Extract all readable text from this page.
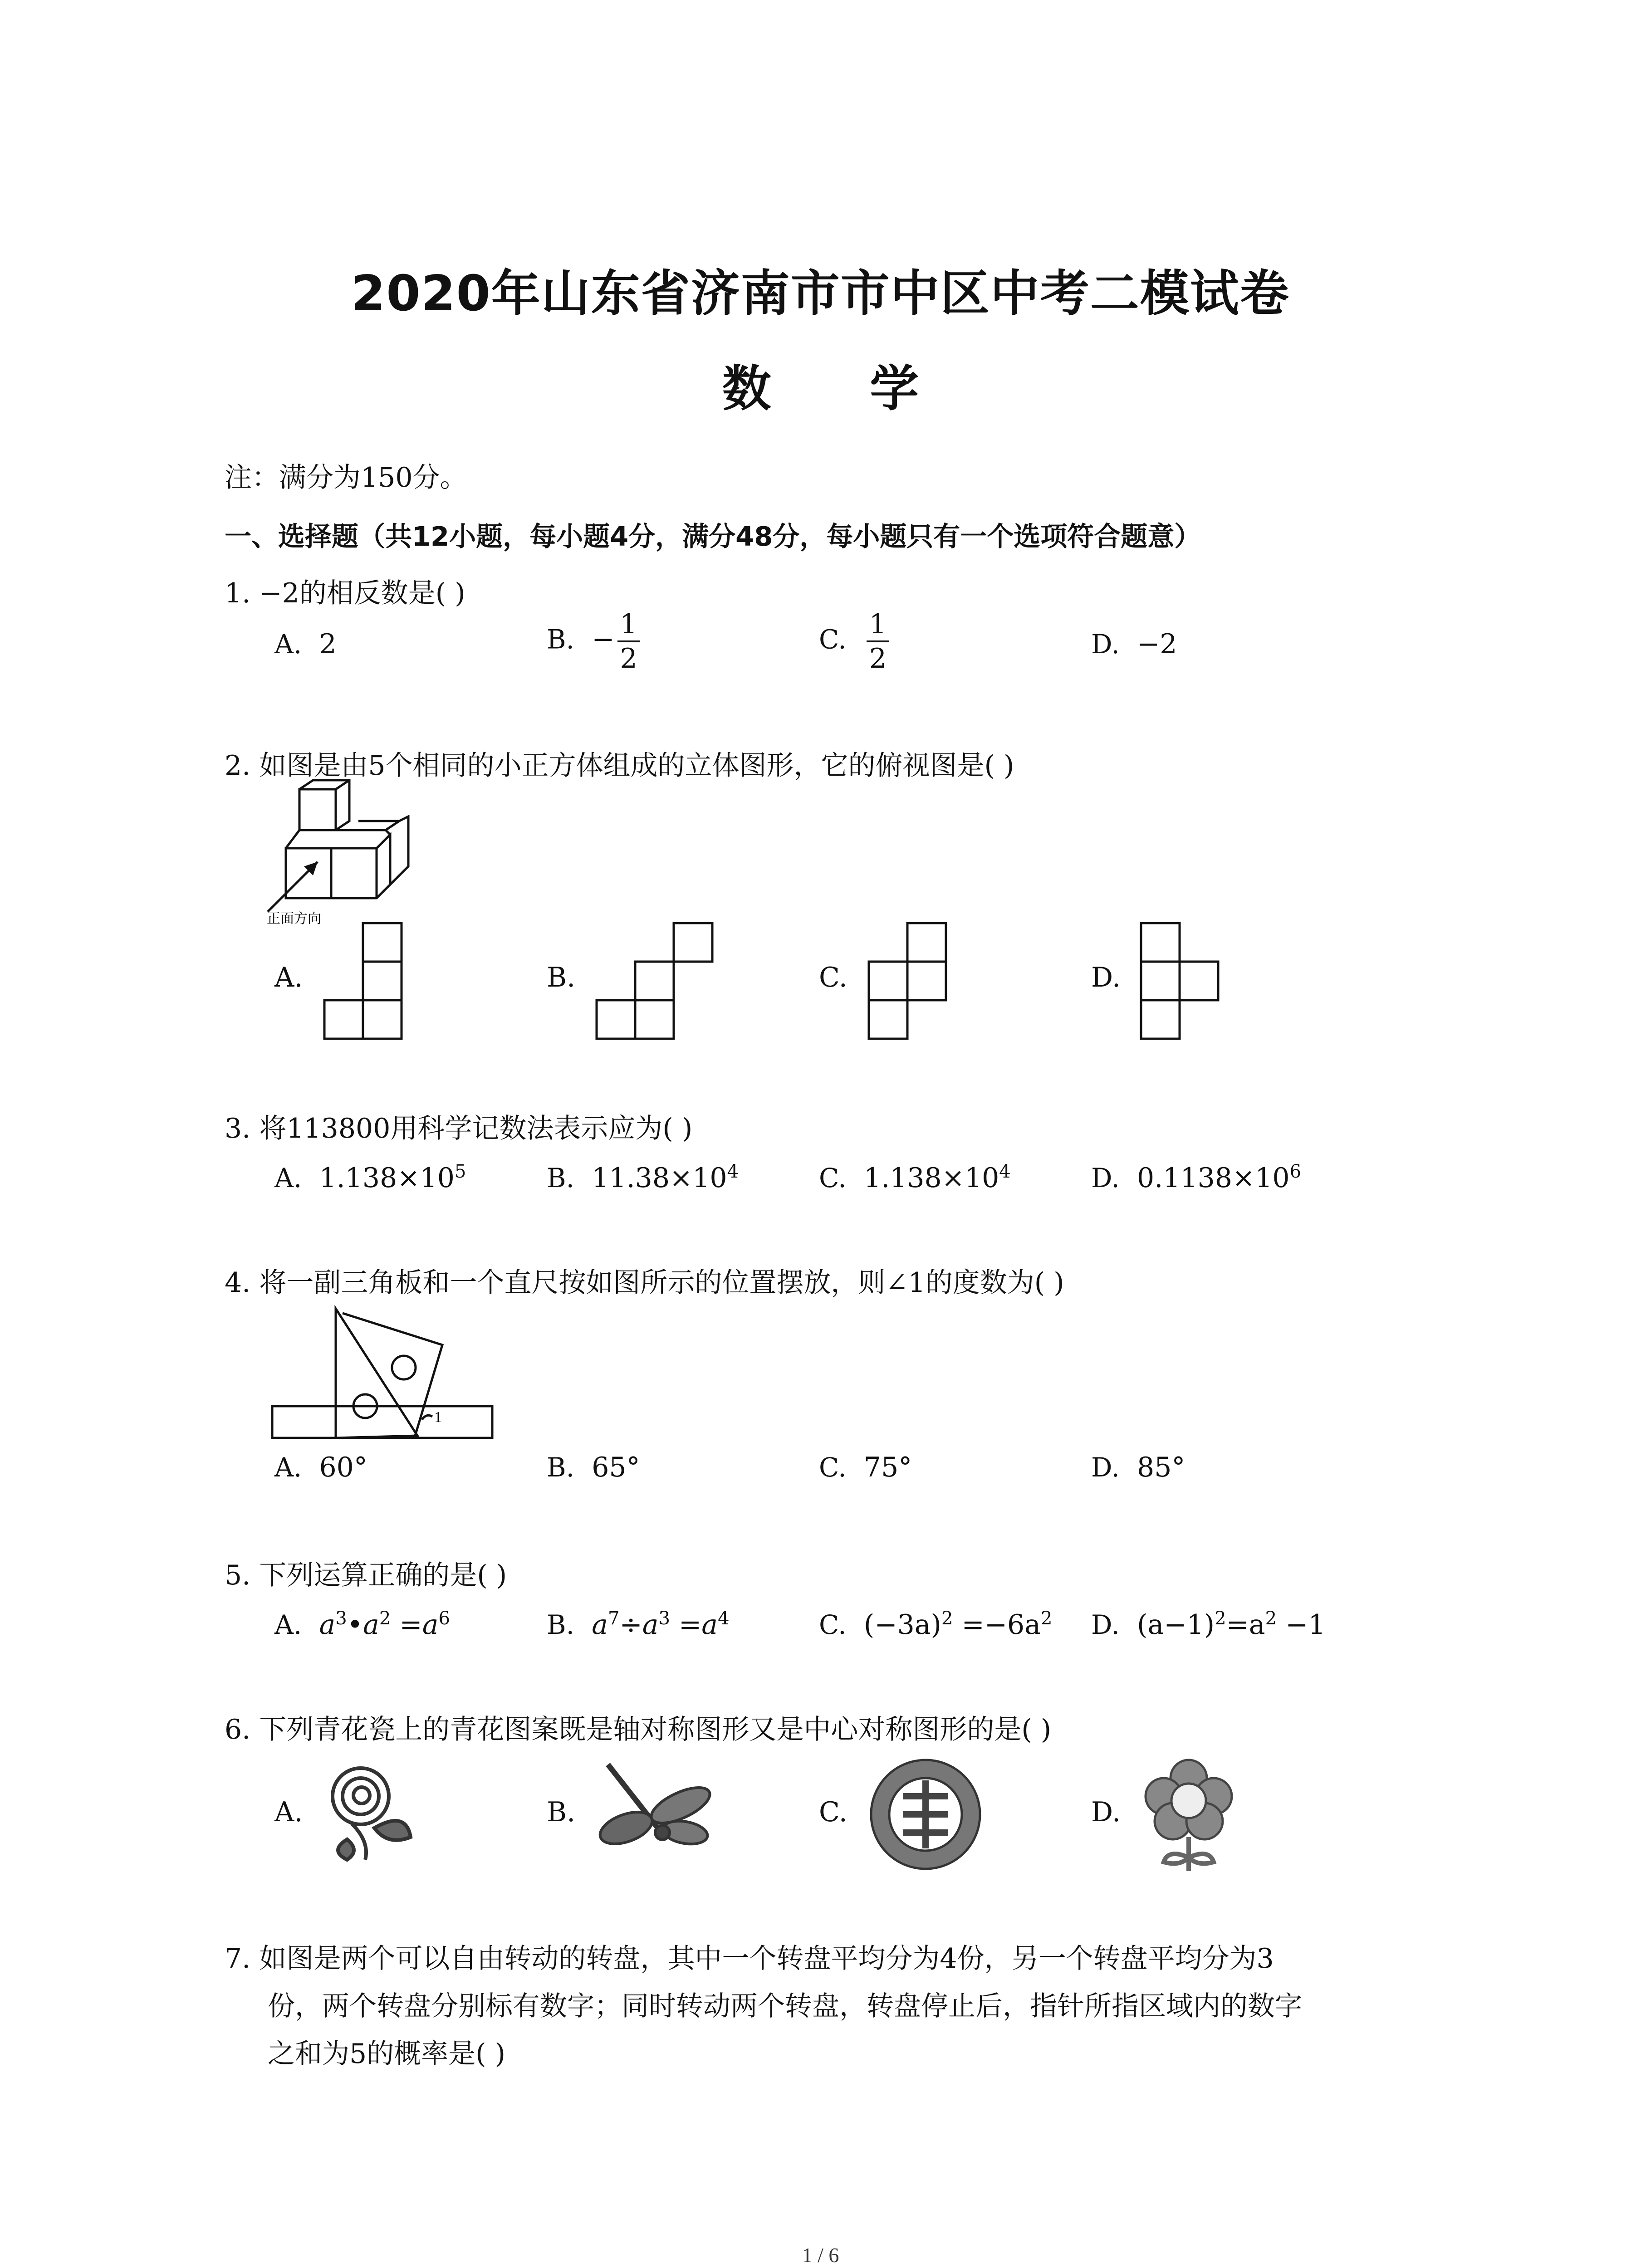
2020年山东省济南市市中区中考二模试卷
数 学
注：满分为150分。
一、选择题（共12小题，每小题4分，满分48分，每小题只有一个选项符合题意）
1. −2的相反数是( )
A. 2	B. − $\frac{1}{2}$	C. $\frac{1}{2}$	D. −2
2. 如图是由5个相同的小正方体组成的立体图形，它的俯视图是( )
正面方向
A.	B.	C.	D.
3. 将113800用科学记数法表示应为( )
A. $1.138\times 10^5$	B. $11.38\times 10^4$	C. $1.138\times 10^4$	D. $0.1138\times 10^6$
4. 将一副三角板和一个直尺按如图所示的位置摆放，则∠1的度数为( )
1
A. 60°	B. 65°	C. 75°	D. 85°
5. 下列运算正确的是( )
A. $a^3•a^2 =a^6$	B. $a^7\div a^3 =a^4$	C. $(-3a)^2 =-6a^2$ D. $(a-1)^2=a^2 -1$
6. 下列青花瓷上的青花图案既是轴对称图形又是中心对称图形的是( )
A.	B.	C.	D.
7. 如图是两个可以自由转动的转盘，其中一个转盘平均分为4份，另一个转盘平均分为3
份，两个转盘分别标有数字；同时转动两个转盘，转盘停止后，指针所指区域内的数字
之和为5的概率是( )
1 / 6
